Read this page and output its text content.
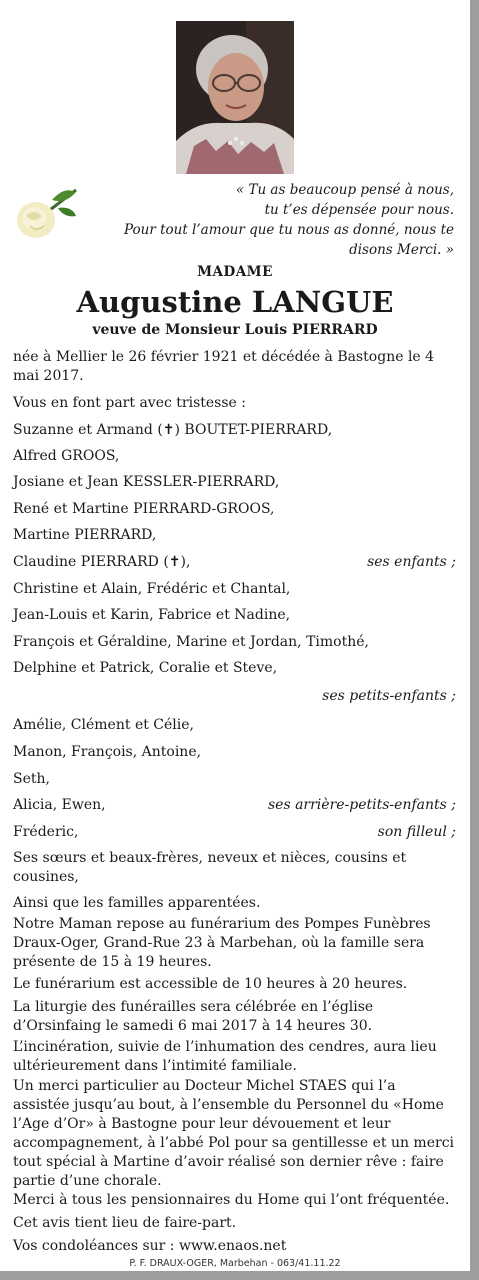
« Tu as beaucoup pensé à nous,
tu t’es dépensée pour nous.
Pour tout l’amour que tu nous as donné, nous te
disons Merci. »
MADAME
Augustine LANGUE
veuve de Monsieur Louis PIERRARD
née à Mellier le 26 février 1921 et décédée à Bastogne le 4 mai 2017.
Vous en font part avec tristesse :
Suzanne et Armand (✝) BOUTET-PIERRARD,
Alfred GROOS,
Josiane et Jean KESSLER-PIERRARD,
René et Martine PIERRARD-GROOS,
Martine PIERRARD,
Claudine PIERRARD (✝),	ses enfants ;
Christine et Alain, Frédéric et Chantal,
Jean-Louis et Karin, Fabrice et Nadine,
François et Géraldine, Marine et Jordan, Timothé,
Delphine et Patrick, Coralie et Steve,
ses petits-enfants ;
Amélie, Clément et Célie,
Manon, François, Antoine,
Seth,
Alicia, Ewen,	ses arrière-petits-enfants ;
Fréderic,	son filleul ;
Ses sœurs et beaux-frères, neveux et nièces, cousins et cousines,
Ainsi que les familles apparentées.
Notre Maman repose au funérarium des Pompes Funèbres Draux-Oger, Grand-Rue 23 à Marbehan, où la famille sera présente de 15 à 19 heures.
Le funérarium est accessible de 10 heures à 20 heures.
La liturgie des funérailles sera célébrée en l’église d’Orsinfaing le samedi 6 mai 2017 à 14 heures 30.
L’incinération, suivie de l’inhumation des cendres, aura lieu ultérieurement dans l’intimité familiale.
Un merci particulier au Docteur Michel STAES qui l’a assistée jusqu’au bout, à l’ensemble du Personnel du «Home l’Age d’Or» à Bastogne pour leur dévouement et leur accompagnement, à l’abbé Pol pour sa gentillesse et un merci tout spécial à Martine d’avoir réalisé son dernier rêve : faire partie d’une chorale.
Merci à tous les pensionnaires du Home qui l’ont fréquentée.
Cet avis tient lieu de faire-part.
Vos condoléances sur : www.enaos.net
P. F. DRAUX-OGER, Marbehan - 063/41.11.22
